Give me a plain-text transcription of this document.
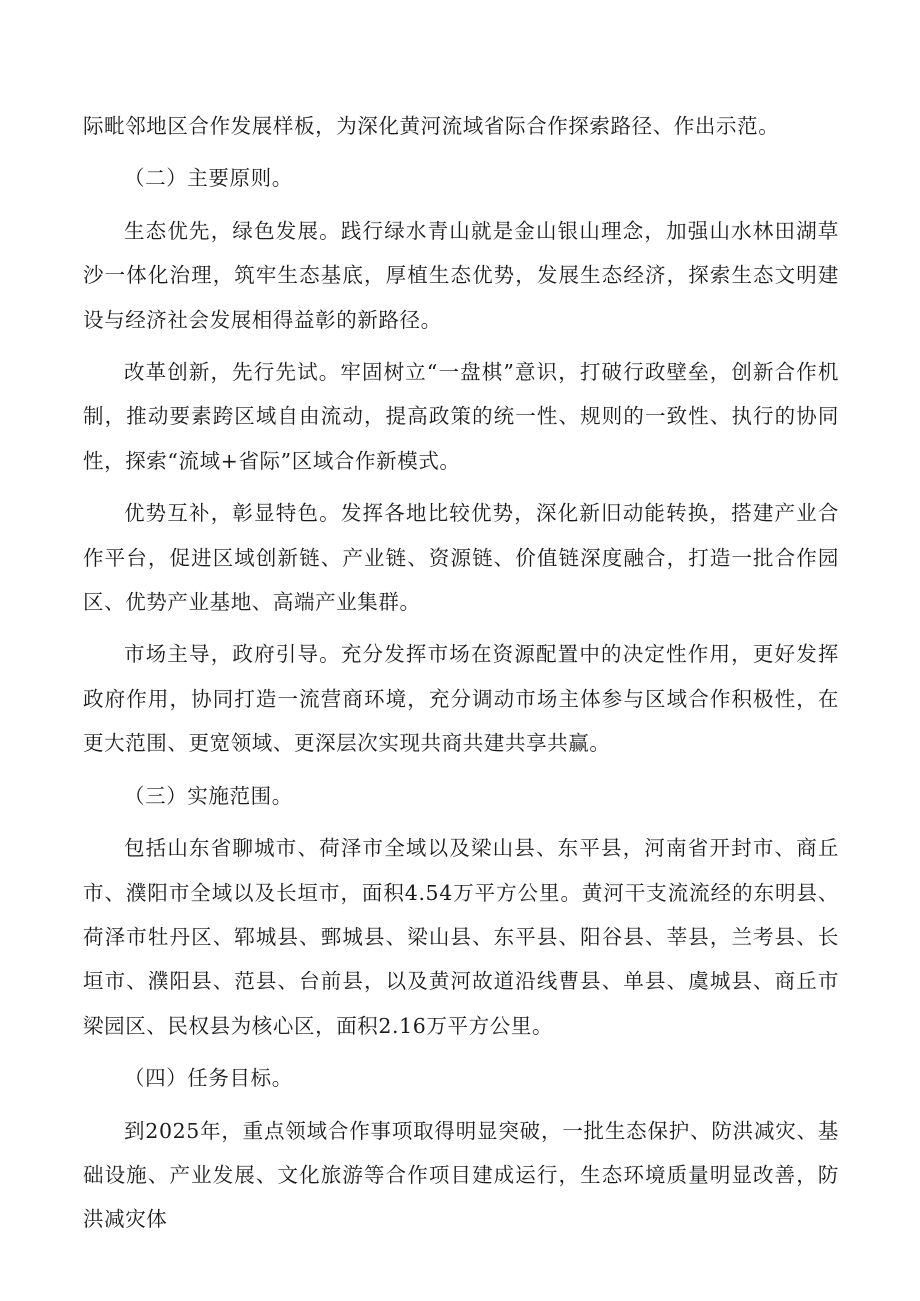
际毗邻地区合作发展样板，为深化黄河流域省际合作探索路径、作出示范。

（二）主要原则。

生态优先，绿色发展。践行绿水青山就是金山银山理念，加强山水林田湖草沙一体化治理，筑牢生态基底，厚植生态优势，发展生态经济，探索生态文明建设与经济社会发展相得益彰的新路径。

改革创新，先行先试。牢固树立“一盘棋”意识，打破行政壁垒，创新合作机制，推动要素跨区域自由流动，提高政策的统一性、规则的一致性、执行的协同性，探索“流域+省际”区域合作新模式。

优势互补，彰显特色。发挥各地比较优势，深化新旧动能转换，搭建产业合作平台，促进区域创新链、产业链、资源链、价值链深度融合，打造一批合作园区、优势产业基地、高端产业集群。

市场主导，政府引导。充分发挥市场在资源配置中的决定性作用，更好发挥政府作用，协同打造一流营商环境，充分调动市场主体参与区域合作积极性，在更大范围、更宽领域、更深层次实现共商共建共享共赢。

（三）实施范围。

包括山东省聊城市、荷泽市全域以及梁山县、东平县，河南省开封市、商丘市、濮阳市全域以及长垣市，面积4.54万平方公里。黄河干支流流经的东明县、荷泽市牡丹区、郓城县、鄄城县、梁山县、东平县、阳谷县、莘县，兰考县、长垣市、濮阳县、范县、台前县，以及黄河故道沿线曹县、单县、虞城县、商丘市梁园区、民权县为核心区，面积2.16万平方公里。

（四）任务目标。

到2025年，重点领域合作事项取得明显突破，一批生态保护、防洪减灾、基础设施、产业发展、文化旅游等合作项目建成运行，生态环境质量明显改善，防洪减灾体
